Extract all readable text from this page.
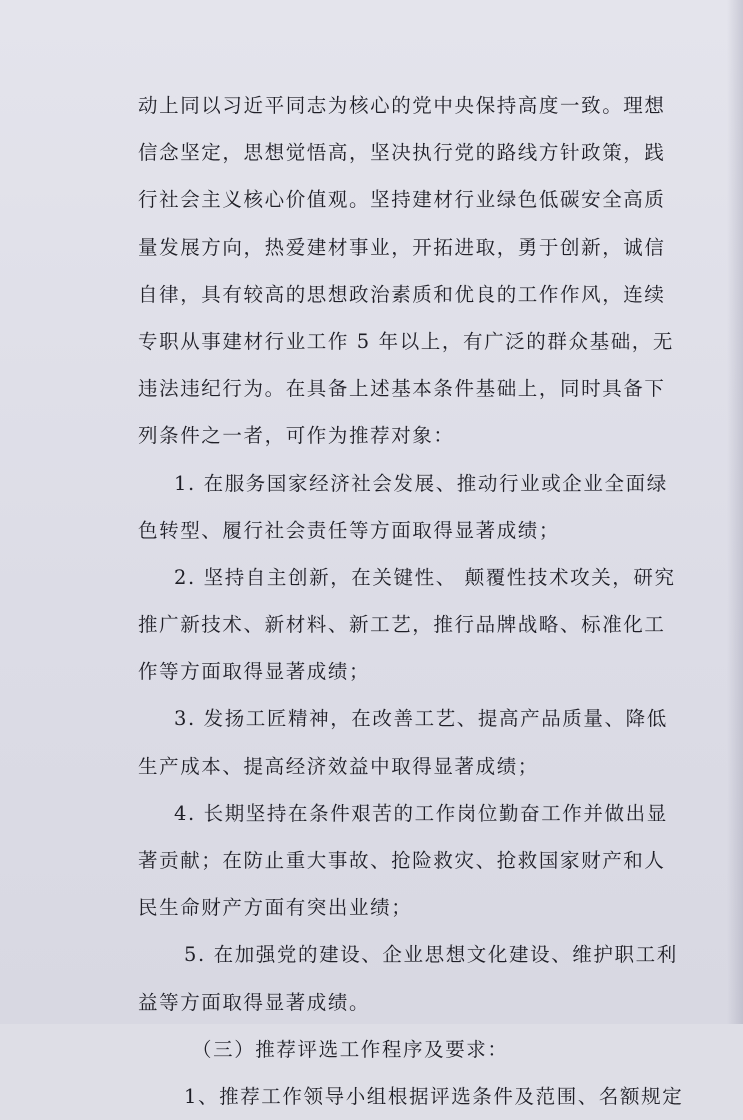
动上同以习近平同志为核心的党中央保持高度一致。理想
信念坚定，思想觉悟高，坚决执行党的路线方针政策，践
行社会主义核心价值观。坚持建材行业绿色低碳安全高质
量发展方向，热爱建材事业，开拓进取，勇于创新，诚信
自律，具有较高的思想政治素质和优良的工作作风，连续
专职从事建材行业工作 5 年以上，有广泛的群众基础，无
违法违纪行为。在具备上述基本条件基础上，同时具备下
列条件之一者，可作为推荐对象：
1. 在服务国家经济社会发展、推动行业或企业全面绿
色转型、履行社会责任等方面取得显著成绩；
2. 坚持自主创新，在关键性、 颠覆性技术攻关，研究
推广新技术、新材料、新工艺，推行品牌战略、标准化工
作等方面取得显著成绩；
3. 发扬工匠精神，在改善工艺、提高产品质量、降低
生产成本、提高经济效益中取得显著成绩；
4. 长期坚持在条件艰苦的工作岗位勤奋工作并做出显
著贡献；在防止重大事故、抢险救灾、抢救国家财产和人
民生命财产方面有突出业绩；
5. 在加强党的建设、企业思想文化建设、维护职工利
益等方面取得显著成绩。
（三）推荐评选工作程序及要求：
1、推荐工作领导小组根据评选条件及范围、名额规定
